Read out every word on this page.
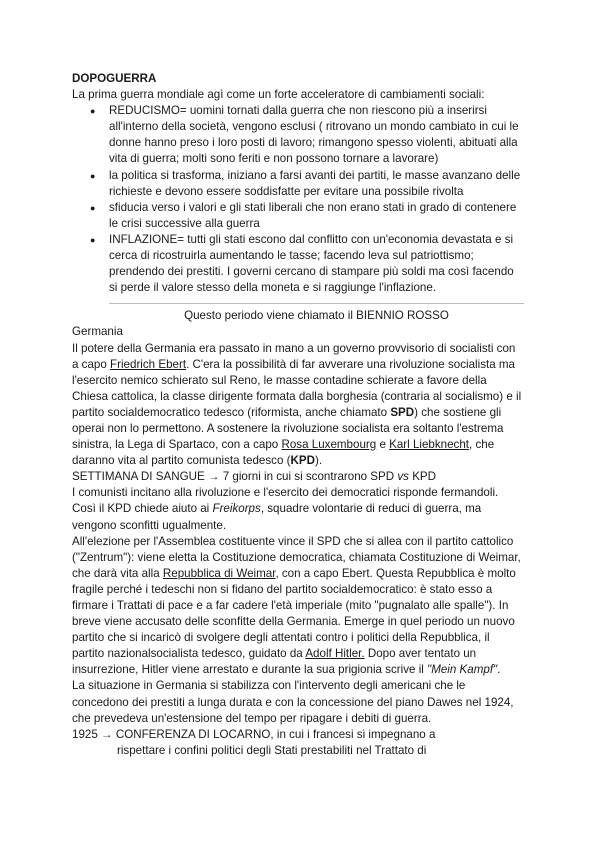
DOPOGUERRA

La prima guerra mondiale agì come un forte acceleratore di cambiamenti sociali:

● REDUCISMO= uomini tornati dalla guerra che non riescono più a inserirsi all'interno della società, vengono esclusi ( ritrovano un mondo cambiato in cui le donne hanno preso i loro posti di lavoro; rimangono spesso violenti, abituati alla vita di guerra; molti sono feriti e non possono tornare a lavorare)
● la politica si trasforma, iniziano a farsi avanti dei partiti, le masse avanzano delle richieste e devono essere soddisfatte per evitare una possibile rivolta
● sfiducia verso i valori e gli stati liberali che non erano stati in grado di contenere le crisi successive alla guerra
● INFLAZIONE= tutti gli stati escono dal conflitto con un'economia devastata e si cerca di ricostruirla aumentando le tasse; facendo leva sul patriottismo; prendendo dei prestiti. I governi cercano di stampare più soldi ma così facendo si perde il valore stesso della moneta e si raggiunge l'inflazione.
Questo periodo viene chiamato il BIENNIO ROSSO
Germania

Il potere della Germania era passato in mano a un governo provvisorio di socialisti con a capo Friedrich Ebert. C'era la possibilità di far avverare una rivoluzione socialista ma l'esercito nemico schierato sul Reno, le masse contadine schierate a favore della Chiesa cattolica, la classe dirigente formata dalla borghesia (contraria al socialismo) e il partito socialdemocratico tedesco (riformista, anche chiamato SPD) che sostiene gli operai non lo permettono. A sostenere la rivoluzione socialista era soltanto l'estrema sinistra, la Lega di Spartaco, con a capo Rosa Luxembourg e Karl Liebknecht, che daranno vita al partito comunista tedesco (KPD).

SETTIMANA DI SANGUE → 7 giorni in cui si scontrarono SPD vs KPD

I comunisti incitano alla rivoluzione e l'esercito dei democratici risponde fermandoli.

Così il KPD chiede aiuto ai Freikorps, squadre volontarie di reduci di guerra, ma vengono sconfitti ugualmente.

All'elezione per l'Assemblea costituente vince il SPD che si allea con il partito cattolico ("Zentrum"): viene eletta la Costituzione democratica, chiamata Costituzione di Weimar, che darà vita alla Repubblica di Weimar, con a capo Ebert. Questa Repubblica è molto fragile perché i tedeschi non si fidano del partito socialdemocratico: è stato esso a firmare i Trattati di pace e a far cadere l'età imperiale (mito "pugnalato alle spalle"). In breve viene accusato delle sconfitte della Germania. Emerge in quel periodo un nuovo partito che si incaricò di svolgere degli attentati contro i politici della Repubblica, il partito nazionalsocialista tedesco, guidato da Adolf Hitler. Dopo aver tentato un insurrezione, Hitler viene arrestato e durante la sua prigionia scrive il "Mein Kampf".

La situazione in Germania si stabilizza con l'intervento degli americani che le concedono dei prestiti a lunga durata e con la concessione del piano Dawes nel 1924, che prevedeva un'estensione del tempo per ripagare i debiti di guerra.

1925 → CONFERENZA DI LOCARNO, in cui i francesi si impegnano a

rispettare i confini politici degli Stati prestabiliti nel Trattato di
